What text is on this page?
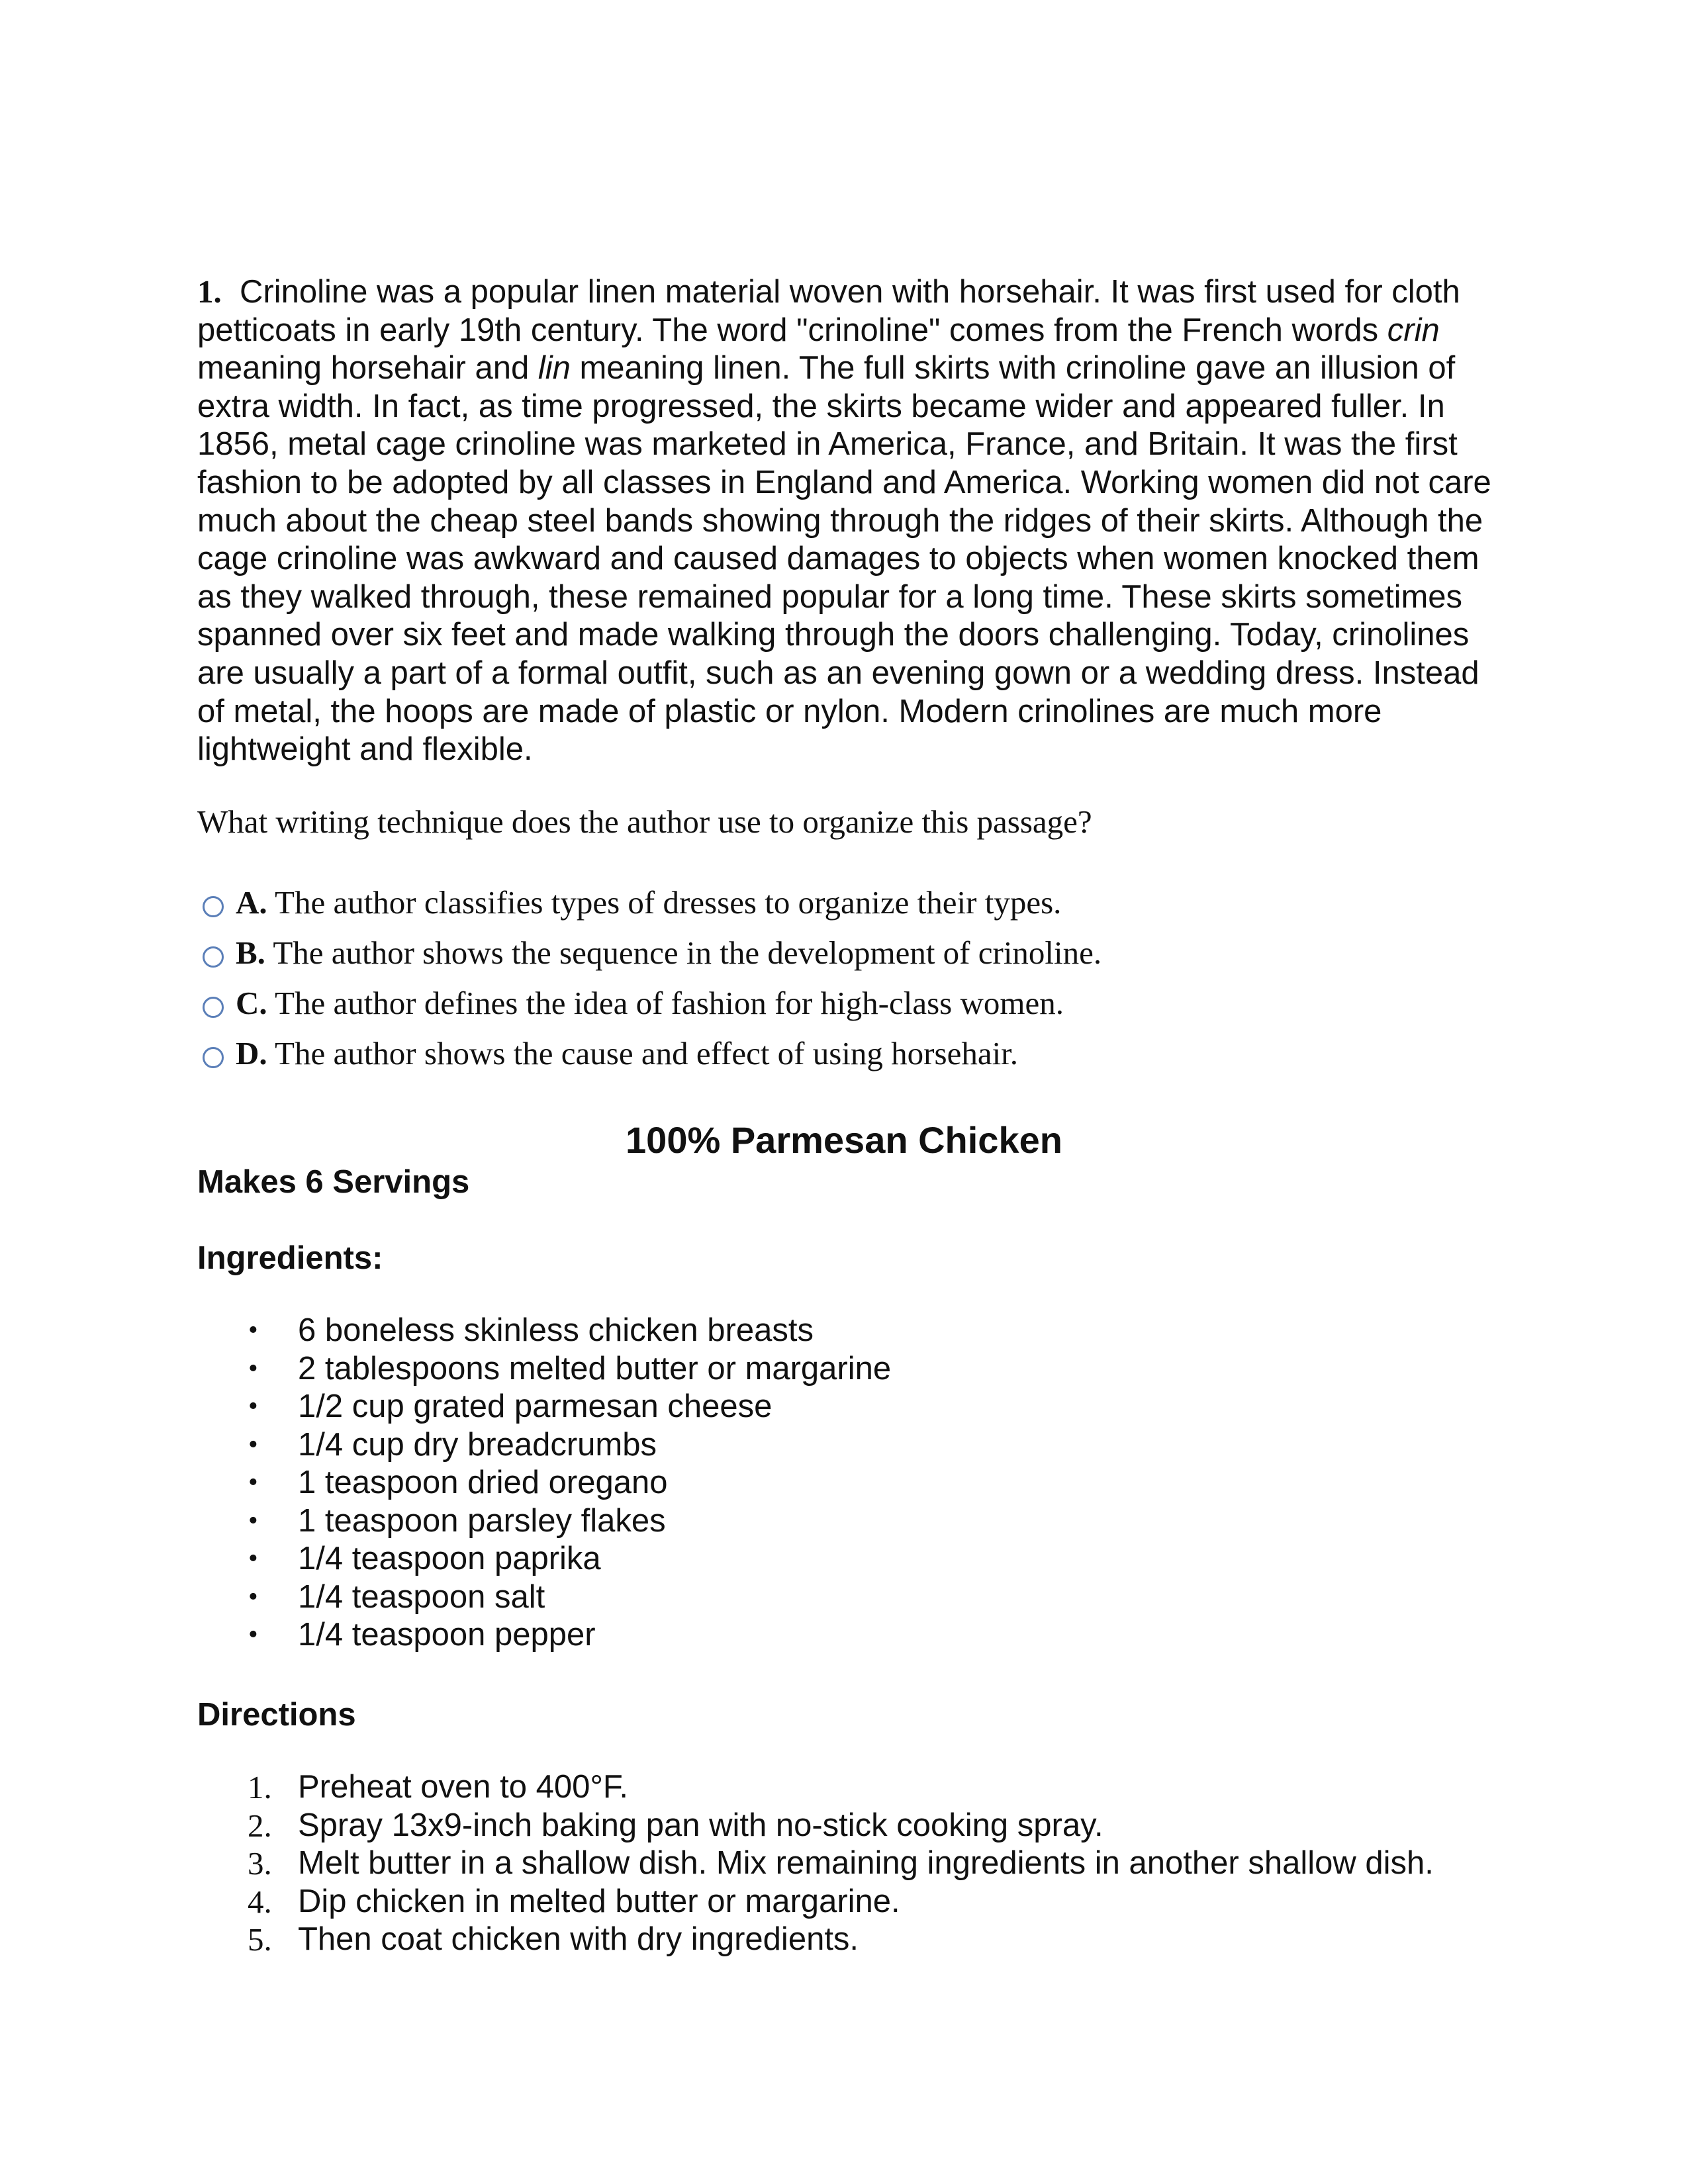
1. Crinoline was a popular linen material woven with horsehair. It was first used for cloth petticoats in early 19th century. The word "crinoline" comes from the French words crin meaning horsehair and lin meaning linen. The full skirts with crinoline gave an illusion of extra width. In fact, as time progressed, the skirts became wider and appeared fuller. In 1856, metal cage crinoline was marketed in America, France, and Britain. It was the first fashion to be adopted by all classes in England and America. Working women did not care much about the cheap steel bands showing through the ridges of their skirts. Although the cage crinoline was awkward and caused damages to objects when women knocked them as they walked through, these remained popular for a long time. These skirts sometimes spanned over six feet and made walking through the doors challenging. Today, crinolines are usually a part of a formal outfit, such as an evening gown or a wedding dress. Instead of metal, the hoops are made of plastic or nylon. Modern crinolines are much more lightweight and flexible.
What writing technique does the author use to organize this passage?
A. The author classifies types of dresses to organize their types.
B. The author shows the sequence in the development of crinoline.
C. The author defines the idea of fashion for high-class women.
D. The author shows the cause and effect of using horsehair.
100% Parmesan Chicken
Makes 6 Servings
Ingredients:
• 6 boneless skinless chicken breasts
• 2 tablespoons melted butter or margarine
• 1/2 cup grated parmesan cheese
• 1/4 cup dry breadcrumbs
• 1 teaspoon dried oregano
• 1 teaspoon parsley flakes
• 1/4 teaspoon paprika
• 1/4 teaspoon salt
• 1/4 teaspoon pepper
Directions
1. Preheat oven to 400°F.
2. Spray 13x9-inch baking pan with no-stick cooking spray.
3. Melt butter in a shallow dish. Mix remaining ingredients in another shallow dish.
4. Dip chicken in melted butter or margarine.
5. Then coat chicken with dry ingredients.
